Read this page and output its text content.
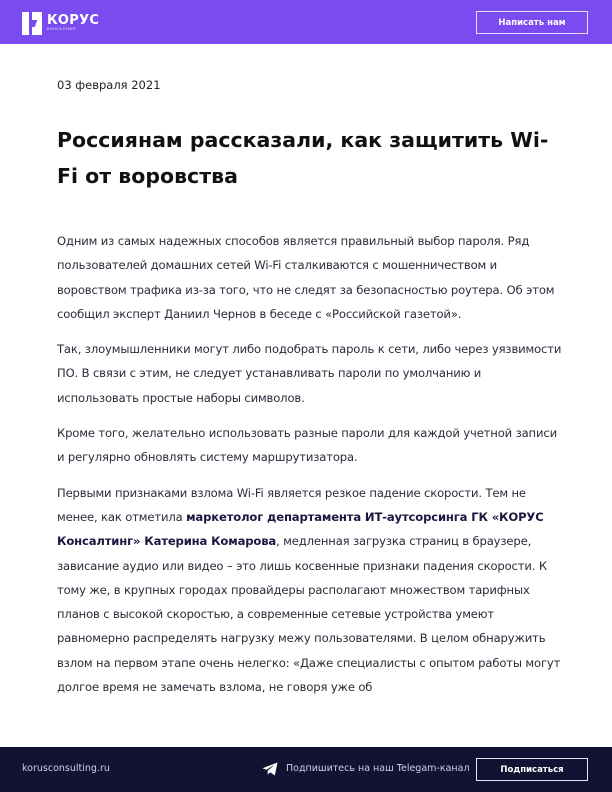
КОРУС
КОНСАЛТИНГ
Написать нам
03 февраля 2021
Россиянам рассказали, как защитить Wi-Fi от воровства

Одним из самых надежных способов является правильный выбор пароля. Ряд пользователей домашних сетей Wi-Fi сталкиваются с мошенничеством и воровством трафика из-за того, что не следят за безопасностью роутера. Об этом сообщил эксперт Даниил Чернов в беседе с «Российской газетой».

Так, злоумышленники могут либо подобрать пароль к сети, либо через уязвимости ПО. В связи с этим, не следует устанавливать пароли по умолчанию и использовать простые наборы символов.

Кроме того, желательно использовать разные пароли для каждой учетной записи и регулярно обновлять систему маршрутизатора.

Первыми признаками взлома Wi-Fi является резкое падение скорости. Тем не менее, как отметила маркетолог департамента ИТ-аутсорсинга ГК «КОРУС Консалтинг» Катерина Комарова, медленная загрузка страниц в браузере, зависание аудио или видео – это лишь косвенные признаки падения скорости. К тому же, в крупных городах провайдеры располагают множеством тарифных планов с высокой скоростью, а современные сетевые устройства умеют равномерно распределять нагрузку межу пользователями. В целом обнаружить взлом на первом этапе очень нелегко: «Даже специалисты с опытом работы могут долгое время не замечать взлома, не говоря уже об

korusconsulting.ru	Подпишитесь на наш Telegam-канал	Подписаться
